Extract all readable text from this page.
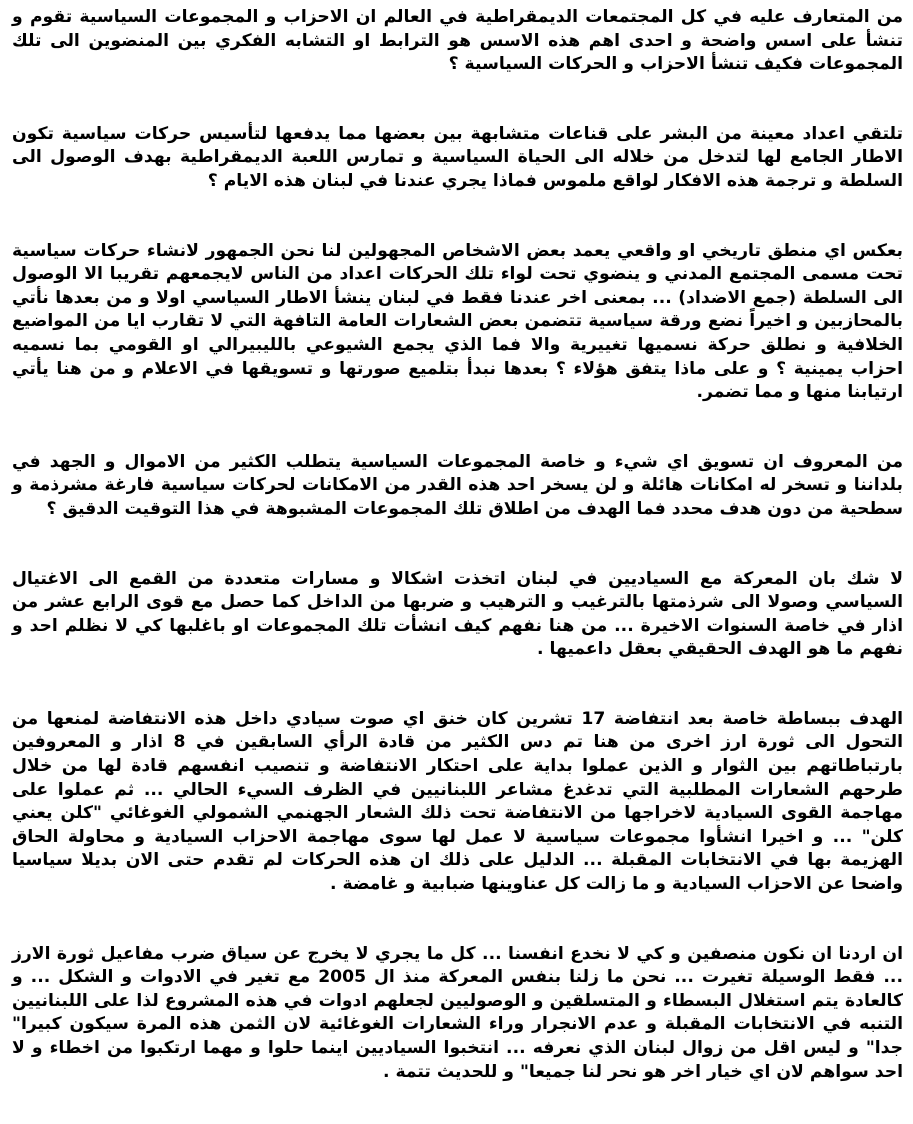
من المتعارف عليه في كل المجتمعات الديمقراطية في العالم ان الاحزاب و المجموعات السياسية تقوم و تنشأ على اسس واضحة و احدى اهم هذه الاسس هو الترابط او التشابه الفكري بين المنضوين الى تلك المجموعات فكيف تنشأ الاحزاب و الحركات السياسية ؟

تلتقي اعداد معينة من البشر على قناعات متشابهة بين بعضها مما يدفعها لتأسيس حركات سياسية تكون الاطار الجامع لها لتدخل من خلاله الى الحياة السياسية و تمارس اللعبة الديمقراطية بهدف الوصول الى السلطة و ترجمة هذه الافكار لواقع ملموس فماذا يجري عندنا في لبنان هذه الايام ؟

بعكس اي منطق تاريخي او واقعي يعمد بعض الاشخاص المجهولين لنا نحن الجمهور لانشاء حركات سياسية تحت مسمى المجتمع المدني و ينضوي تحت لواء تلك الحركات اعداد من الناس لايجمعهم تقريبا الا الوصول الى السلطة (جمع الاضداد) ... بمعنى اخر عندنا فقط في لبنان ينشأ الاطار السياسي اولا و من بعدها نأتي بالمحازبين و اخيراً نضع ورقة سياسية تتضمن بعض الشعارات العامة التافهة التي لا تقارب ايا من المواضيع الخلافية و نطلق حركة نسميها تغييرية والا فما الذي يجمع الشيوعي بالليبيرالي او القومي بما نسميه احزاب يمينية ؟ و على ماذا يتفق هؤلاء ؟ بعدها نبدأ بتلميع صورتها و تسويقها في الاعلام و من هنا يأتي ارتيابنا منها و مما تضمر.

من المعروف ان تسويق اي شيء و خاصة المجموعات السياسية يتطلب الكثير من الاموال و الجهد في بلداننا و تسخر له امكانات هائلة و لن يسخر احد هذه القدر من الامكانات لحركات سياسية فارغة مشرذمة و سطحية من دون هدف محدد فما الهدف من اطلاق تلك المجموعات المشبوهة في هذا التوقيت الدقيق ؟

لا شك بان المعركة مع السياديين في لبنان اتخذت اشكالا و مسارات متعددة من القمع الى الاغتيال السياسي وصولا الى شرذمتها بالترغيب و الترهيب و ضربها من الداخل كما حصل مع قوى الرابع عشر من اذار في خاصة السنوات الاخيرة ... من هنا نفهم كيف انشأت تلك المجموعات او باغلبها كي لا نظلم احد و نفهم ما هو الهدف الحقيقي بعقل داعميها .

الهدف ببساطة خاصة بعد انتفاضة 17 تشرين كان خنق اي صوت سيادي داخل هذه الانتفاضة لمنعها من التحول الى ثورة ارز اخرى من هنا تم دس الكثير من قادة الرأي السابقين في 8 اذار و المعروفين بارتباطاتهم بين الثوار و الذين عملوا بداية على احتكار الانتفاضة و تنصيب انفسهم قادة لها من خلال طرحهم الشعارات المطلبية التي تدغدغ مشاعر اللبنانيين في الظرف السيء الحالي ... ثم عملوا على مهاجمة القوى السيادية لاخراجها من الانتفاضة تحت ذلك الشعار الجهنمي الشمولي الغوغائي "كلن يعني كلن" ... و اخيرا انشأوا مجموعات سياسية لا عمل لها سوى مهاجمة الاحزاب السيادية و محاولة الحاق الهزيمة بها في الانتخابات المقبلة ... الدليل على ذلك ان هذه الحركات لم تقدم حتى الان بديلا سياسيا واضحا عن الاحزاب السيادية و ما زالت كل عناوينها ضبابية و غامضة .

ان اردنا ان نكون منصفين و كي لا نخدع انفسنا ... كل ما يجري لا يخرج عن سياق ضرب مفاعيل ثورة الارز ... فقط الوسيلة تغيرت ... نحن ما زلنا بنفس المعركة منذ ال 2005 مع تغير في الادوات و الشكل ... و كالعادة يتم استغلال البسطاء و المتسلقين و الوصوليين لجعلهم ادوات في هذه المشروع لذا على اللبنانيين التنبه في الانتخابات المقبلة و عدم الانجرار وراء الشعارات الغوغائية لان الثمن هذه المرة سيكون كبيرا" جدا" و ليس اقل من زوال لبنان الذي نعرفه ... انتخبوا السياديين اينما حلوا و مهما ارتكبوا من اخطاء و لا احد سواهم لان اي خيار اخر هو نحر لنا جميعا" و للحديث تتمة .
